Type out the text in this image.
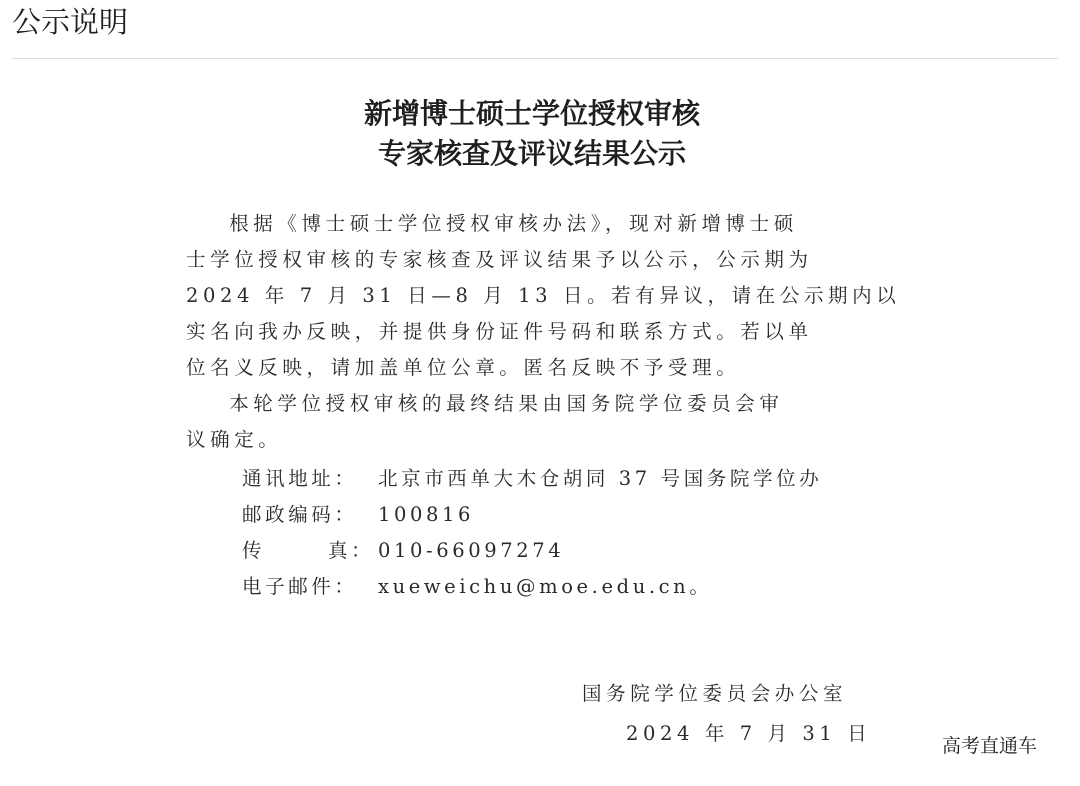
公示说明
新增博士硕士学位授权审核
专家核查及评议结果公示
根据《博士硕士学位授权审核办法》，现对新增博士硕
士学位授权审核的专家核查及评议结果予以公示，公示期为
2024 年 7 月 31 日—8 月 13 日。若有异议，请在公示期内以
实名向我办反映，并提供身份证件号码和联系方式。若以单
位名义反映，请加盖单位公章。匿名反映不予受理。
本轮学位授权审核的最终结果由国务院学位委员会审
议确定。
通讯地址： 北京市西单大木仓胡同 37 号国务院学位办
邮政编码： 100816
传	真： 010-66097274
电子邮件： xueweichu@moe.edu.cn。
国务院学位委员会办公室
2024 年 7 月 31 日
高考直通车
